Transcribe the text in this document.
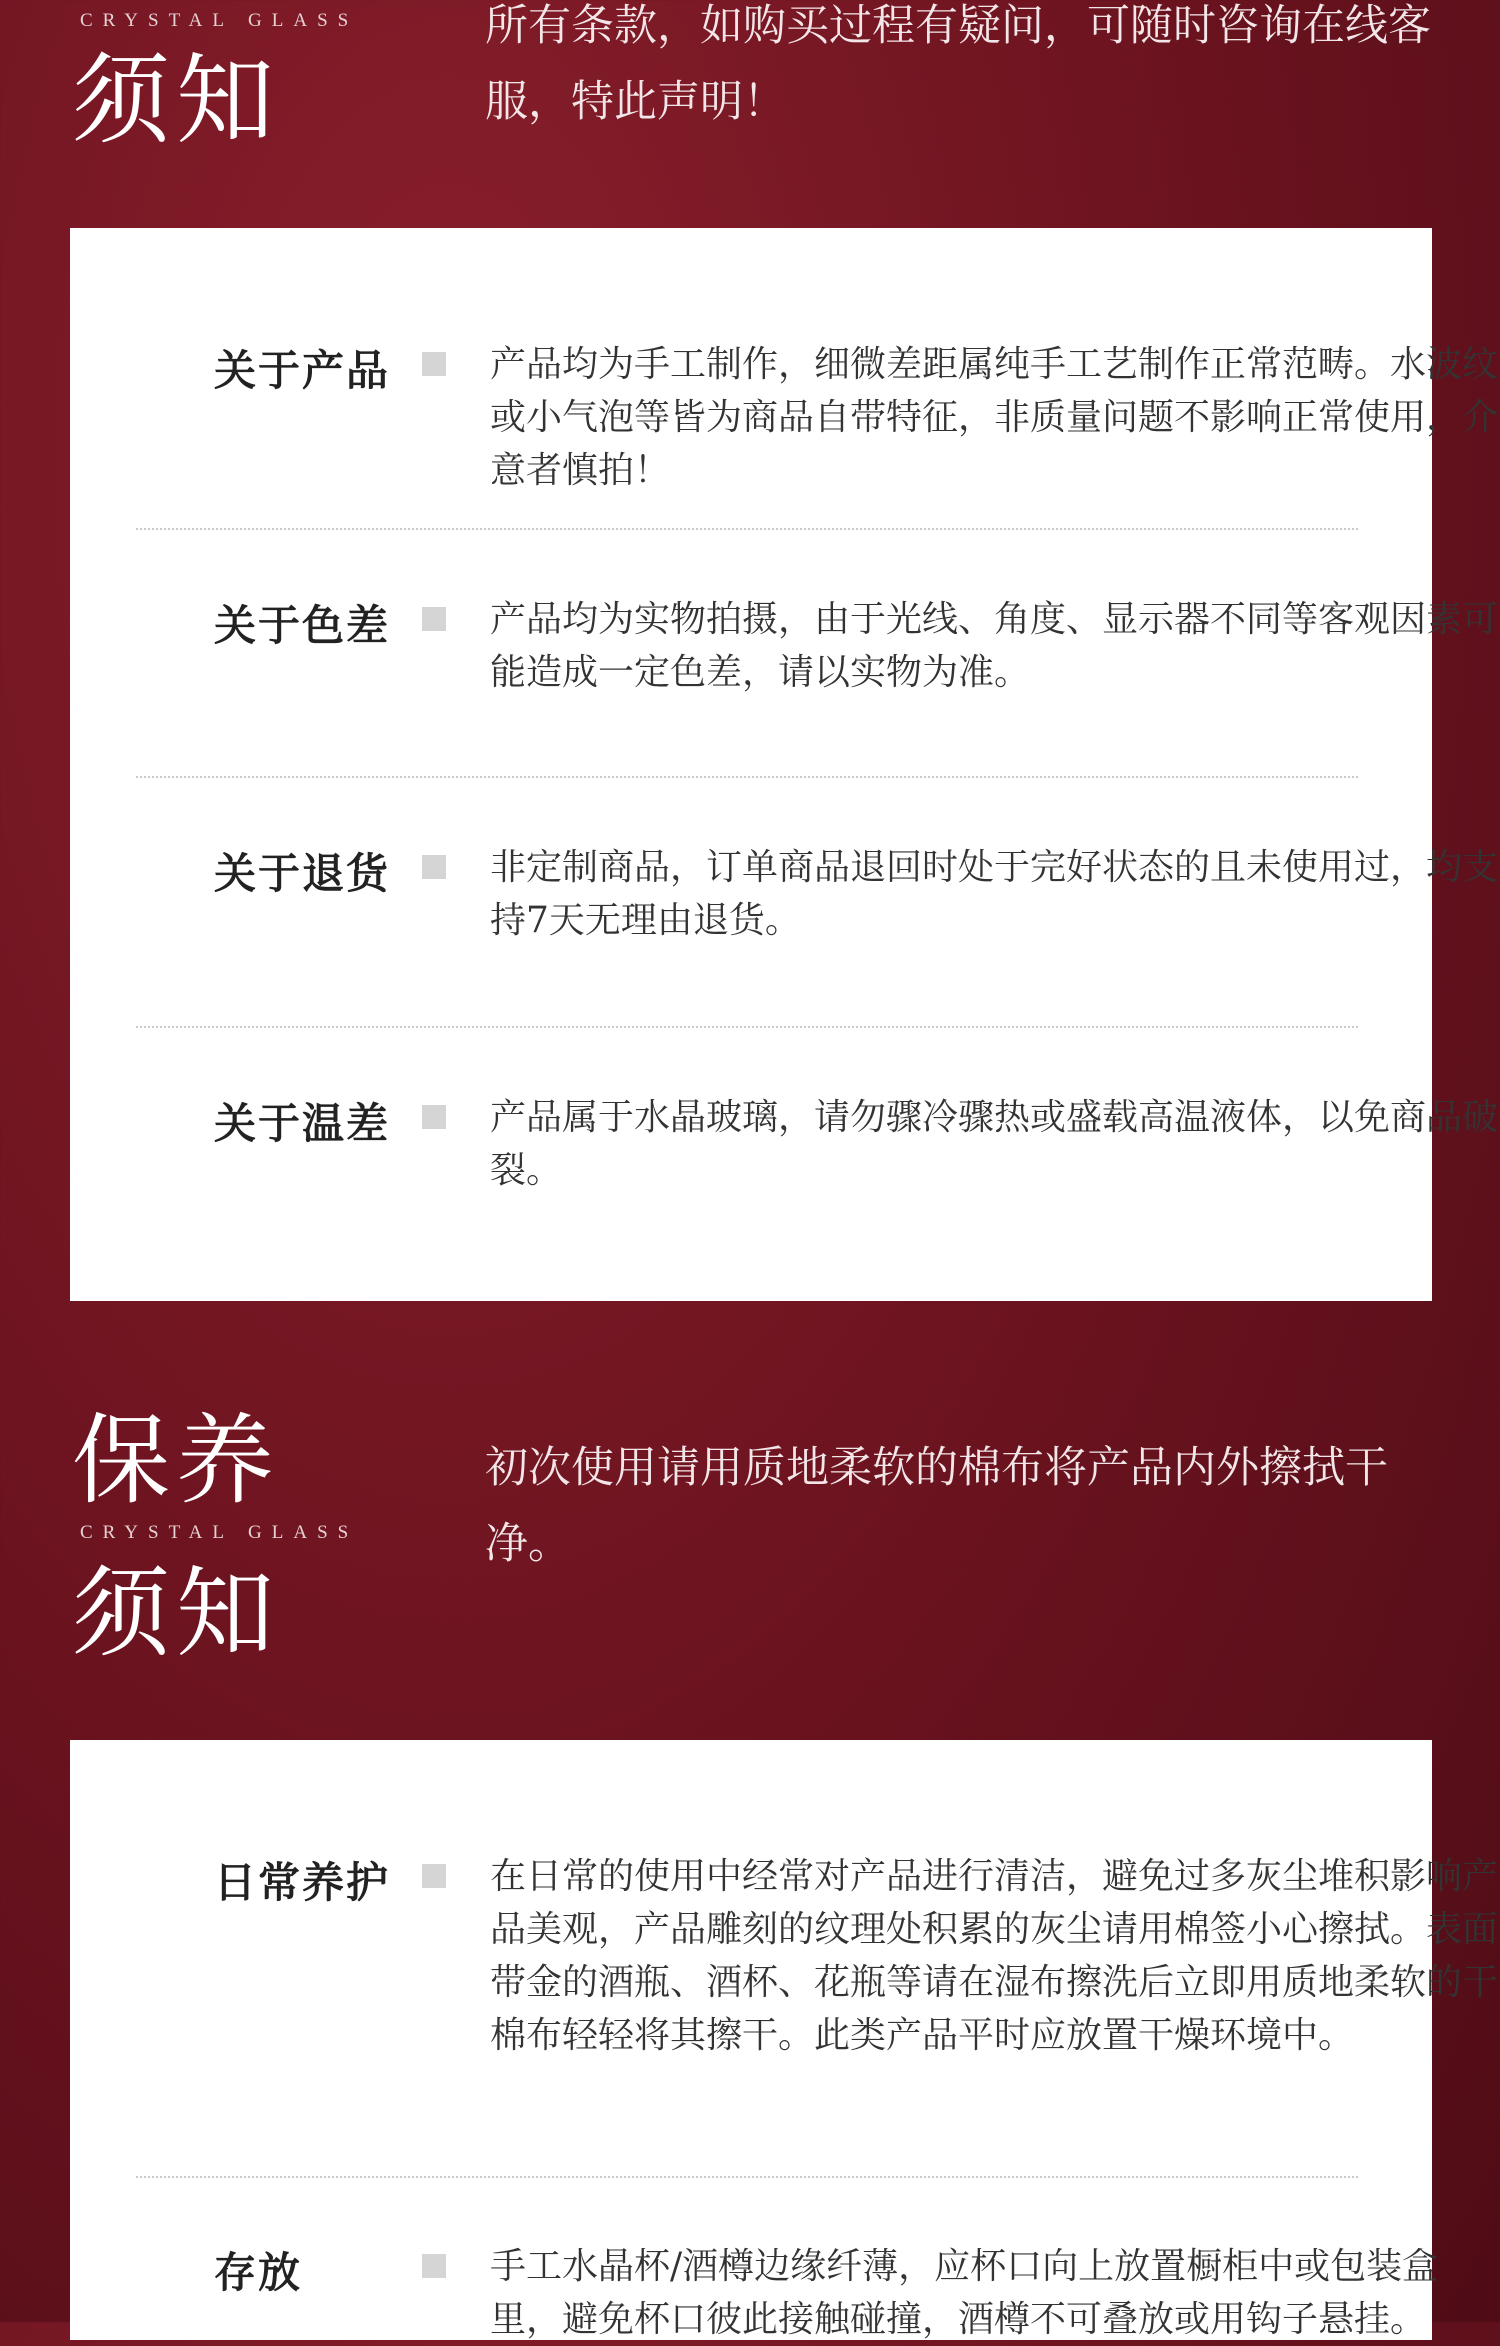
CRYSTAL GLASS
须知
所有条款，如购买过程有疑问，可随时咨询在线客服，特此声明！
关于产品	产品均为手工制作，细微差距属纯手工艺制作正常范畴。水波纹或小气泡等皆为商品自带特征，非质量问题不影响正常使用，介意者慎拍！
关于色差	产品均为实物拍摄，由于光线、角度、显示器不同等客观因素可能造成一定色差，请以实物为准。
关于退货	非定制商品，订单商品退回时处于完好状态的且未使用过，均支持7天无理由退货。
关于温差	产品属于水晶玻璃，请勿骤冷骤热或盛载高温液体，以免商品破裂。
保养
CRYSTAL GLASS
须知
初次使用请用质地柔软的棉布将产品内外擦拭干净。
日常养护	在日常的使用中经常对产品进行清洁，避免过多灰尘堆积影响产品美观，产品雕刻的纹理处积累的灰尘请用棉签小心擦拭。表面带金的酒瓶、酒杯、花瓶等请在湿布擦洗后立即用质地柔软的干棉布轻轻将其擦干。此类产品平时应放置干燥环境中。
存放	手工水晶杯/酒樽边缘纤薄，应杯口向上放置橱柜中或包装盒里，避免杯口彼此接触碰撞，酒樽不可叠放或用钩子悬挂。
